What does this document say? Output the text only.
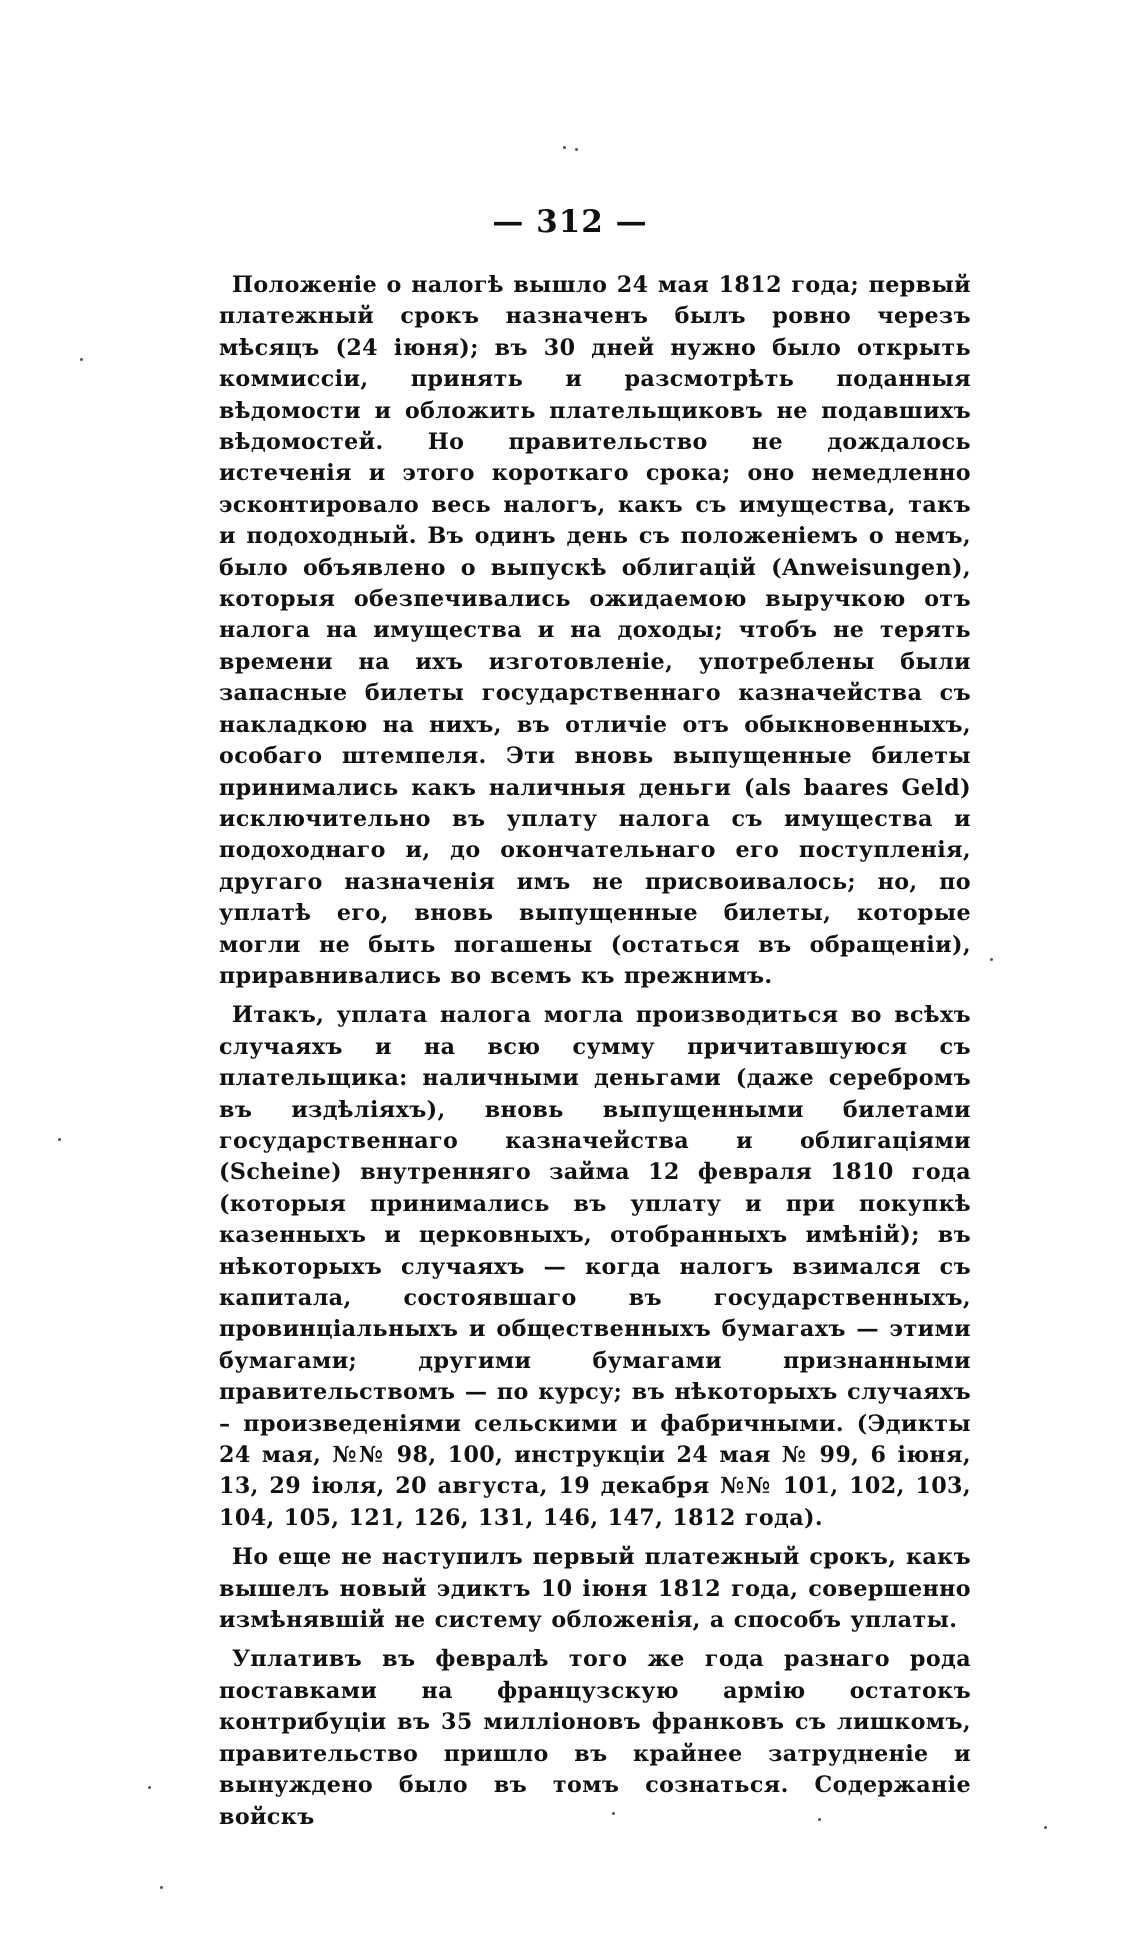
— 312 —

Положеніе о налогѣ вышло 24 мая 1812 года; первый платежный срокъ назначенъ былъ ровно черезъ мѣсяцъ (24 іюня); въ 30 дней нужно было открыть коммиссіи, принять и разсмотрѣть поданныя вѣдомости и обложить плательщиковъ не подавшихъ вѣдомостей. Но правительство не дождалось истеченія и этого короткаго срока; оно немедленно эсконтировало весь налогъ, какъ съ имущества, такъ и подоходный. Въ одинъ день съ положеніемъ о немъ, было объявлено о выпускѣ облигацій (Anweisungen), которыя обезпечивались ожидаемою выручкою отъ налога на имущества и на доходы; чтобъ не терять времени на ихъ изготовленіе, употреблены были запасные билеты государственнаго казначейства съ накладкою на нихъ, въ отличіе отъ обыкновенныхъ, особаго штемпеля. Эти вновь выпущенные билеты принимались какъ наличныя деньги (als baares Geld) исключительно въ уплату налога съ имущества и подоходнаго и, до окончательнаго его поступленія, другаго назначенія имъ не присвоивалось; но, по уплатѣ его, вновь выпущенные билеты, которые могли не быть погашены (остаться въ обращеніи), приравнивались во всемъ къ прежнимъ.

Итакъ, уплата налога могла производиться во всѣхъ случаяхъ и на всю сумму причитавшуюся съ плательщика: наличными деньгами (даже серебромъ въ издѣліяхъ), вновь выпущенными билетами государственнаго казначейства и облигаціями (Scheine) внутренняго займа 12 февраля 1810 года (которыя принимались въ уплату и при покупкѣ казенныхъ и церковныхъ, отобранныхъ имѣній); въ нѣкоторыхъ случаяхъ — когда налогъ взимался съ капитала, состоявшаго въ государственныхъ, провинціальныхъ и общественныхъ бумагахъ — этими бумагами; другими бумагами признанными правительствомъ — по курсу; въ нѣкоторыхъ случаяхъ – произведеніями сельскими и фабричными. (Эдикты 24 мая, №№ 98, 100, инструкціи 24 мая № 99, 6 іюня, 13, 29 іюля, 20 августа, 19 декабря №№ 101, 102, 103, 104, 105, 121, 126, 131, 146, 147, 1812 года).

Но еще не наступилъ первый платежный срокъ, какъ вышелъ новый эдиктъ 10 іюня 1812 года, совершенно измѣнявшій не систему обложенія, а способъ уплаты.

Уплативъ въ февралѣ того же года разнаго рода поставками на французскую армію остатокъ контрибуціи въ 35 милліоновъ франковъ съ лишкомъ, правительство пришло въ крайнее затрудненіе и вынуждено было въ томъ сознаться. Содержаніе войскъ
